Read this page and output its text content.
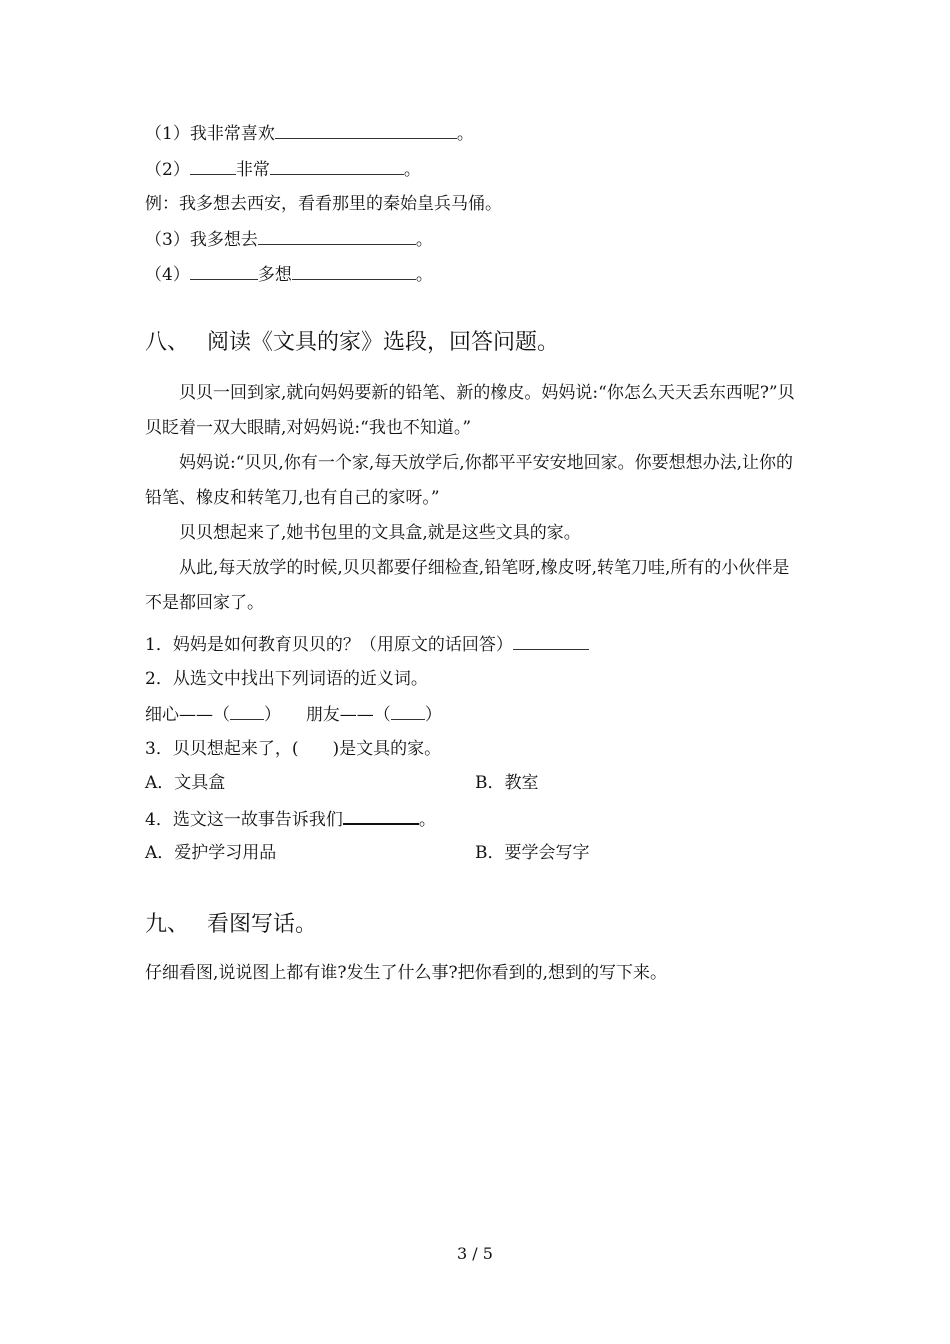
（1）我非常喜欢	。
（2）	非常	。
例：我多想去西安，看看那里的秦始皇兵马俑。
（3）我多想去	。
（4）	多想	。
八、 阅读《文具的家》选段，回答问题。
贝贝一回到家,就向妈妈要新的铅笔、新的橡皮。妈妈说:“你怎么天天丢东西呢?”贝贝眨着一双大眼睛,对妈妈说:“我也不知道。”
妈妈说:“贝贝,你有一个家,每天放学后,你都平平安安地回家。你要想想办法,让你的铅笔、橡皮和转笔刀,也有自己的家呀。”
贝贝想起来了,她书包里的文具盒,就是这些文具的家。
从此,每天放学的时候,贝贝都要仔细检查,铅笔呀,橡皮呀,转笔刀哇,所有的小伙伴是不是都回家了。
1．妈妈是如何教育贝贝的？（用原文的话回答）
2．从选文中找出下列词语的近义词。
细心——（ ） 朋友——（ ）
3．贝贝想起来了，(　　)是文具的家。
A．文具盒	B．教室
4．选文这一故事告诉我们	。
A．爱护学习用品	B．要学会写字
九、 看图写话。
仔细看图,说说图上都有谁?发生了什么事?把你看到的,想到的写下来。
3 / 5
